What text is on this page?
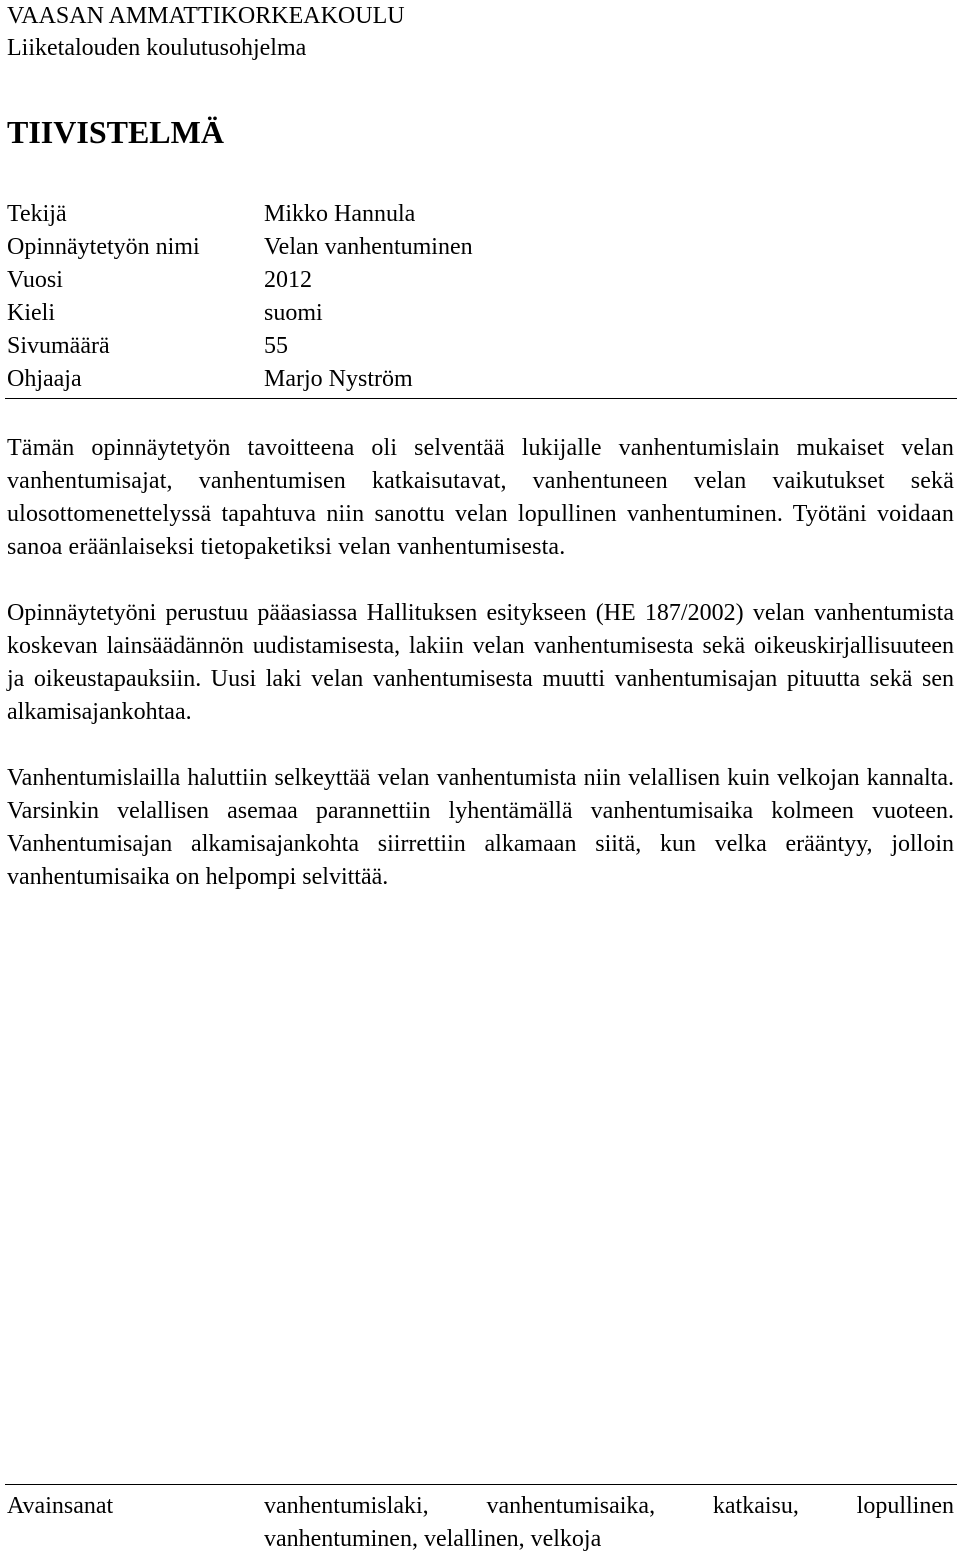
VAASAN AMMATTIKORKEAKOULU
Liiketalouden koulutusohjelma
TIIVISTELMÄ
Tekijä	Mikko Hannula
Opinnäytetyön nimi	Velan vanhentuminen
Vuosi	2012
Kieli	suomi
Sivumäärä	55
Ohjaaja	Marjo Nyström

Tämän opinnäytetyön tavoitteena oli selventää lukijalle vanhentumislain mukaiset velan vanhentumisajat, vanhentumisen katkaisutavat, vanhentuneen velan vaikutukset sekä ulosottomenettelyssä tapahtuva niin sanottu velan lopullinen vanhentuminen. Työtäni voidaan sanoa eräänlaiseksi tietopaketiksi velan vanhentumisesta.

Opinnäytetyöni perustuu pääasiassa Hallituksen esitykseen (HE 187/2002) velan vanhentumista koskevan lainsäädännön uudistamisesta, lakiin velan vanhentumisesta sekä oikeuskirjallisuuteen ja oikeustapauksiin. Uusi laki velan vanhentumisesta muutti vanhentumisajan pituutta sekä sen alkamisajankohtaa.

Vanhentumislailla haluttiin selkeyttää velan vanhentumista niin velallisen kuin velkojan kannalta. Varsinkin velallisen asemaa parannettiin lyhentämällä vanhentumisaika kolmeen vuoteen. Vanhentumisajan alkamisajankohta siirrettiin alkamaan siitä, kun velka erääntyy, jolloin vanhentumisaika on helpompi selvittää.

Avainsanat	vanhentumislaki, vanhentumisaika, katkaisu, lopullinen vanhentuminen, velallinen, velkoja
